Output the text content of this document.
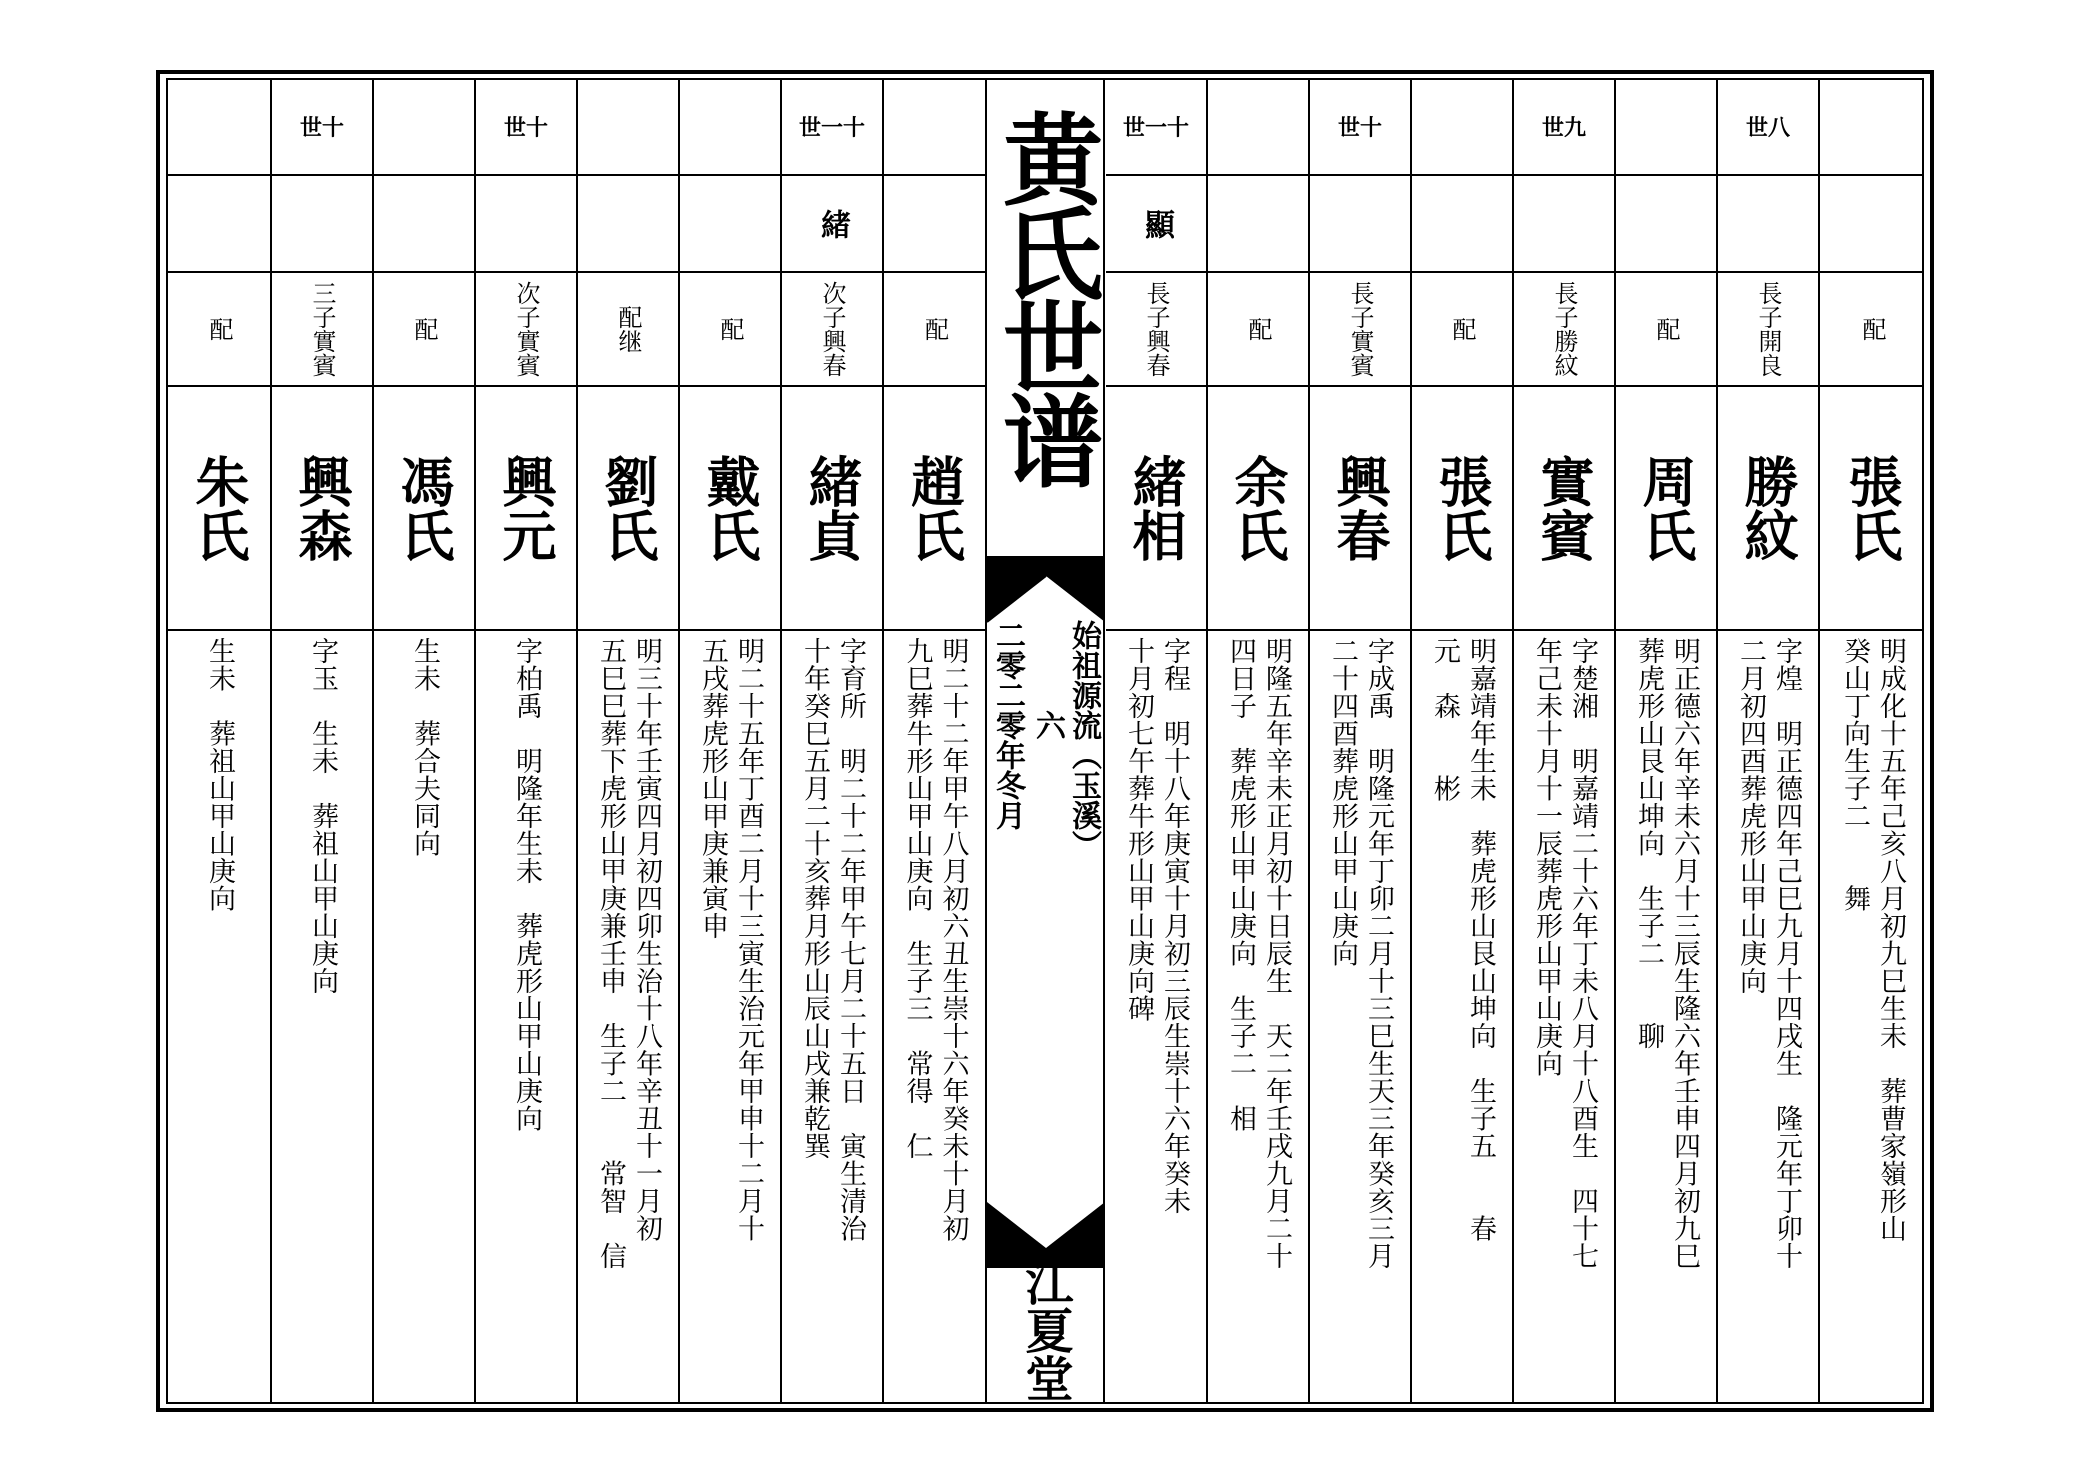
配
張氏
明成化十五年己亥八月初九巳生未　葬曹家嶺形山
癸山丁向生子二　　舞
世八
開良
長子
勝紋
字煌　明正德四年己巳九月十四戌生　隆元年丁卯十
二月初四酉葬虎形山甲山庚向
配
周氏
明正德六年辛未六月十三辰生隆六年壬申四月初九巳
葬虎形山艮山坤向　生子二　　聊
世九
勝紋
長子
實賓
字楚湘　明嘉靖二十六年丁未八月十八酉生　四十七
年己未十月十一辰葬虎形山甲山庚向
配
張氏
明嘉靖年生未　葬虎形山艮山坤向　生子五　　春
元　森　　彬
世十
實賓
長子
興春
字成禹　明隆元年丁卯二月十三巳生天三年癸亥三月
二十四酉葬虎形山甲山庚向
配
余氏
明隆五年辛未正月初十日辰生　天二年壬戌九月二十
四日子　葬虎形山甲山庚向　生子二　相
世一十
顯
興春
長子
緒相
字程　明十八年庚寅十月初三辰生崇十六年癸未
十月初七午葬牛形山甲山庚向碑
配
趙氏
明二十二年甲午八月初六丑生崇十六年癸未十月初
九巳葬牛形山甲山庚向　生子三　常得　仁
世一十
緒
興春
次子
緒貞
字育所　明二十二年甲午七月二十五日　寅生清治
十年癸巳五月二十亥葬月形山辰山戌兼乾巽
配
戴氏
明二十五年丁酉二月十三寅生治元年甲申十二月十
五戌葬虎形山甲庚兼寅申
继
配
劉氏
明三十年壬寅四月初四卯生治十八年辛丑十一月初
五巳巳葬下虎形山甲庚兼壬申　生子二　　常智　信
世十
實賓
次子
興元
字柏禹　明隆年生未　葬虎形山甲山庚向
配
馮氏
生未　葬合夫同向
世十
實賓
三子
興森
字玉　生未　葬祖山甲山庚向
配
朱氏
生未　葬祖山甲山庚向
黄氏世谱
始祖源流（玉溪）
六
二零二零年冬月
江夏堂
